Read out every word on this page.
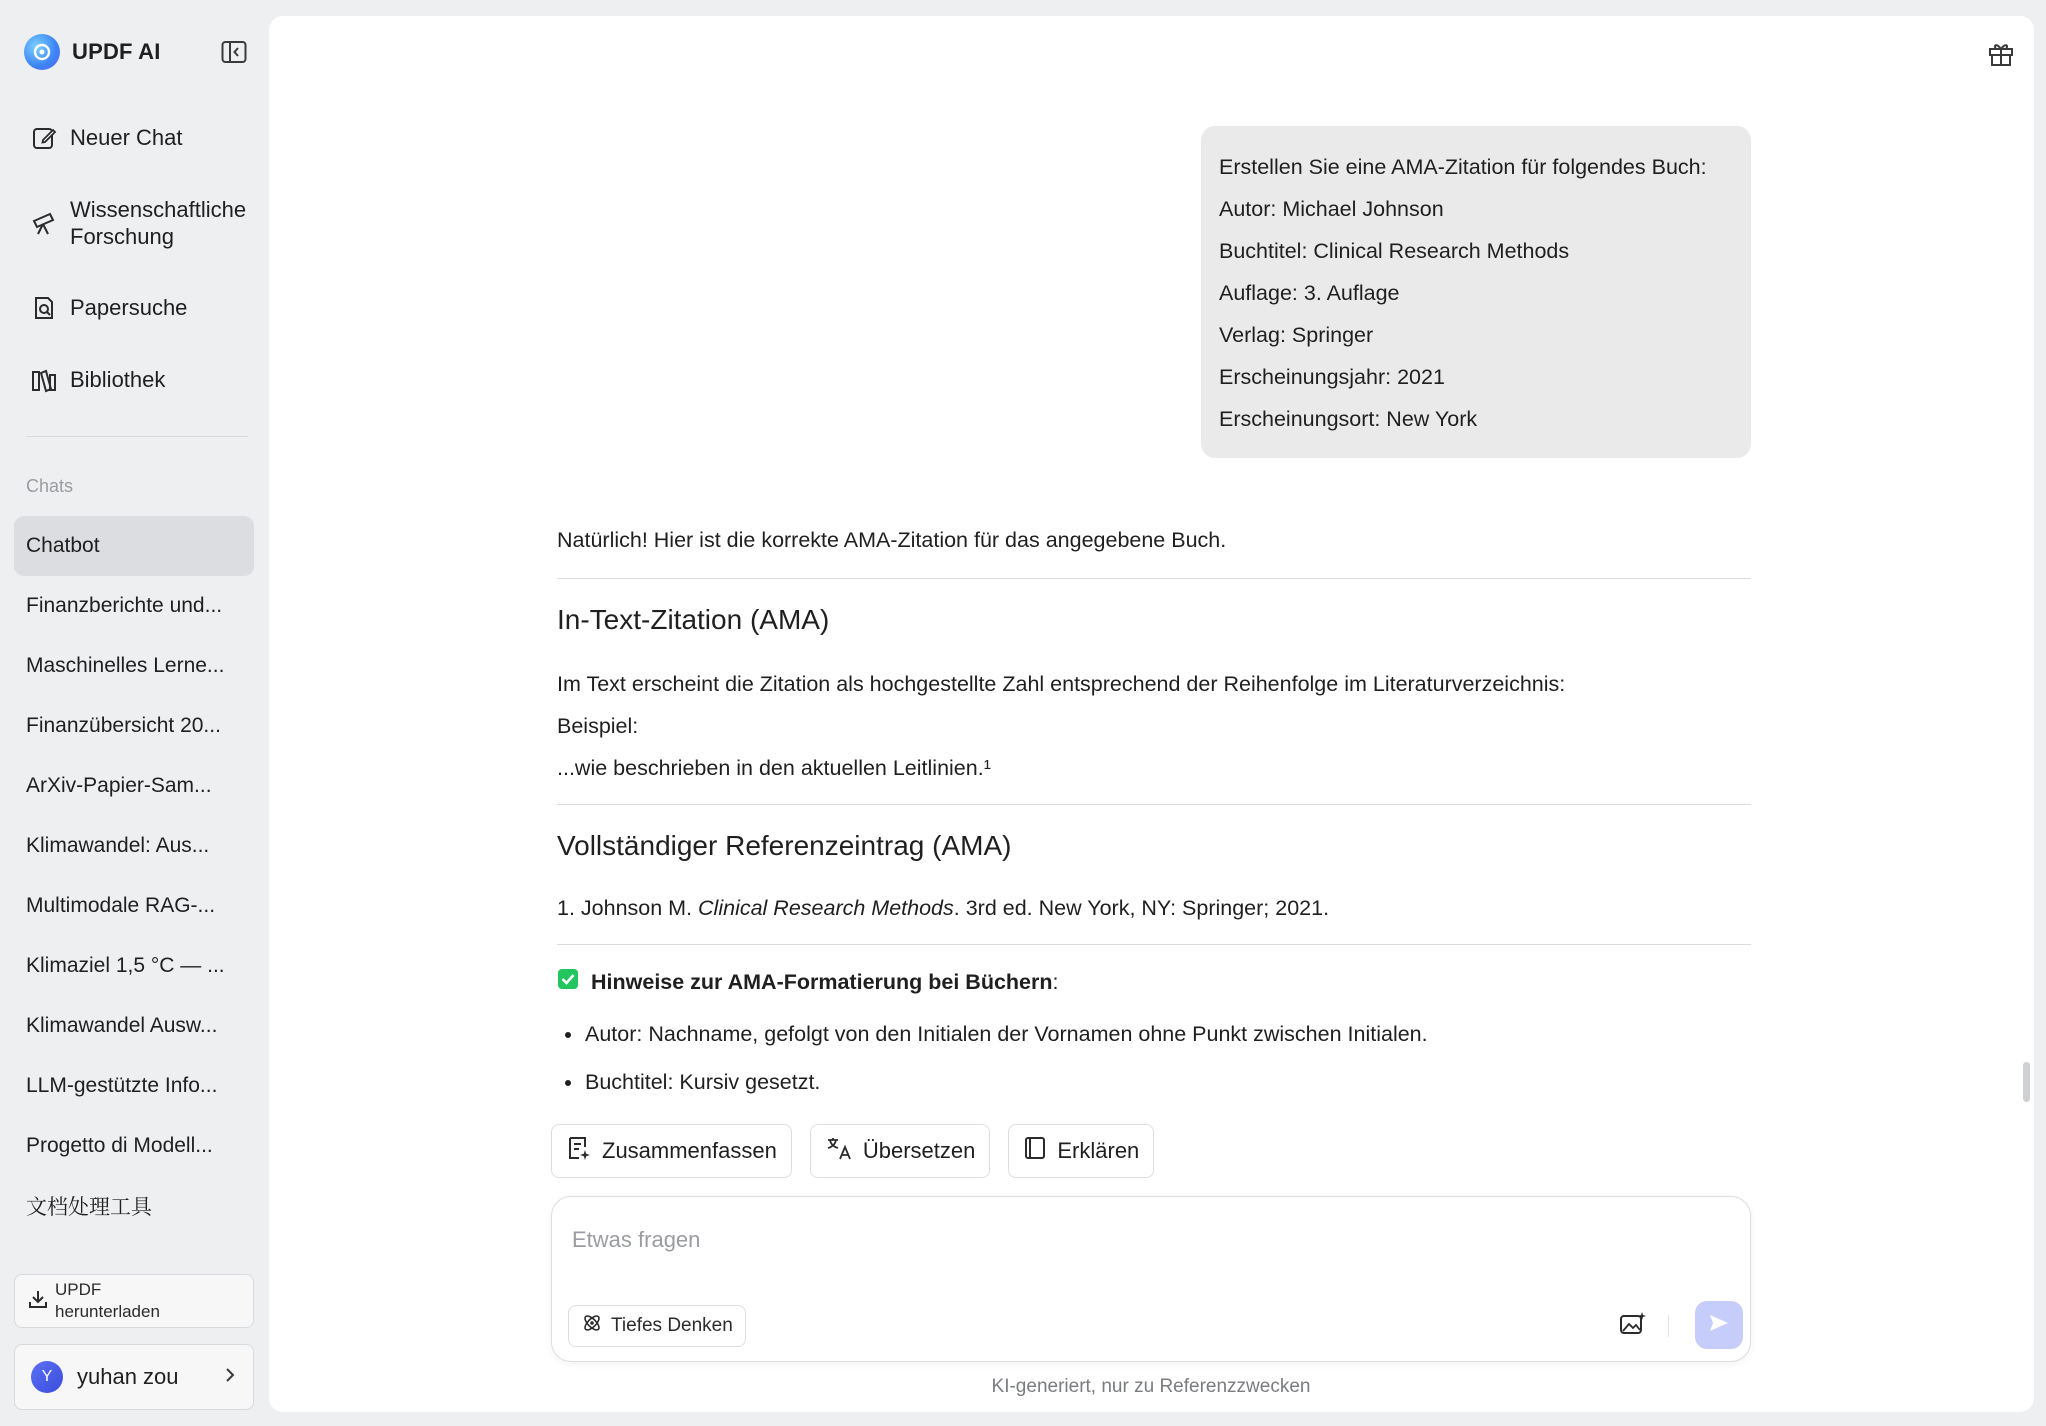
UPDF AI
Neuer Chat
Wissenschaftliche Forschung
Papersuche
Bibliothek
Chats
Chatbot
Finanzberichte und...
Maschinelles Lerne...
Finanzübersicht 20...
ArXiv-Papier-Sam...
Klimawandel: Aus...
Multimodale RAG-...
Klimaziel 1,5 °C — ...
Klimawandel Ausw...
LLM-gestützte Info...
Progetto di Modell...
文档处理工具
UPDF
herunterladen
Y	yuhan zou

Erstellen Sie eine AMA-Zitation für folgendes Buch:

Autor: Michael Johnson

Buchtitel: Clinical Research Methods

Auflage: 3. Auflage

Verlag: Springer

Erscheinungsjahr: 2021

Erscheinungsort: New York

Natürlich! Hier ist die korrekte AMA-Zitation für das angegebene Buch.
In-Text-Zitation (AMA)
Im Text erscheint die Zitation als hochgestellte Zahl entsprechend der Reihenfolge im Literaturverzeichnis:
Beispiel:
...wie beschrieben in den aktuellen Leitlinien.¹
Vollständiger Referenzeintrag (AMA)
1. Johnson M. Clinical Research Methods. 3rd ed. New York, NY: Springer; 2021.
Hinweise zur AMA-Formatierung bei Büchern:
Autor: Nachname, gefolgt von den Initialen der Vornamen ohne Punkt zwischen Initialen.
Buchtitel: Kursiv gesetzt.
Zusammenfassen	Übersetzen	Erklären
Etwas fragen
Tiefes Denken
KI-generiert, nur zu Referenzzwecken
